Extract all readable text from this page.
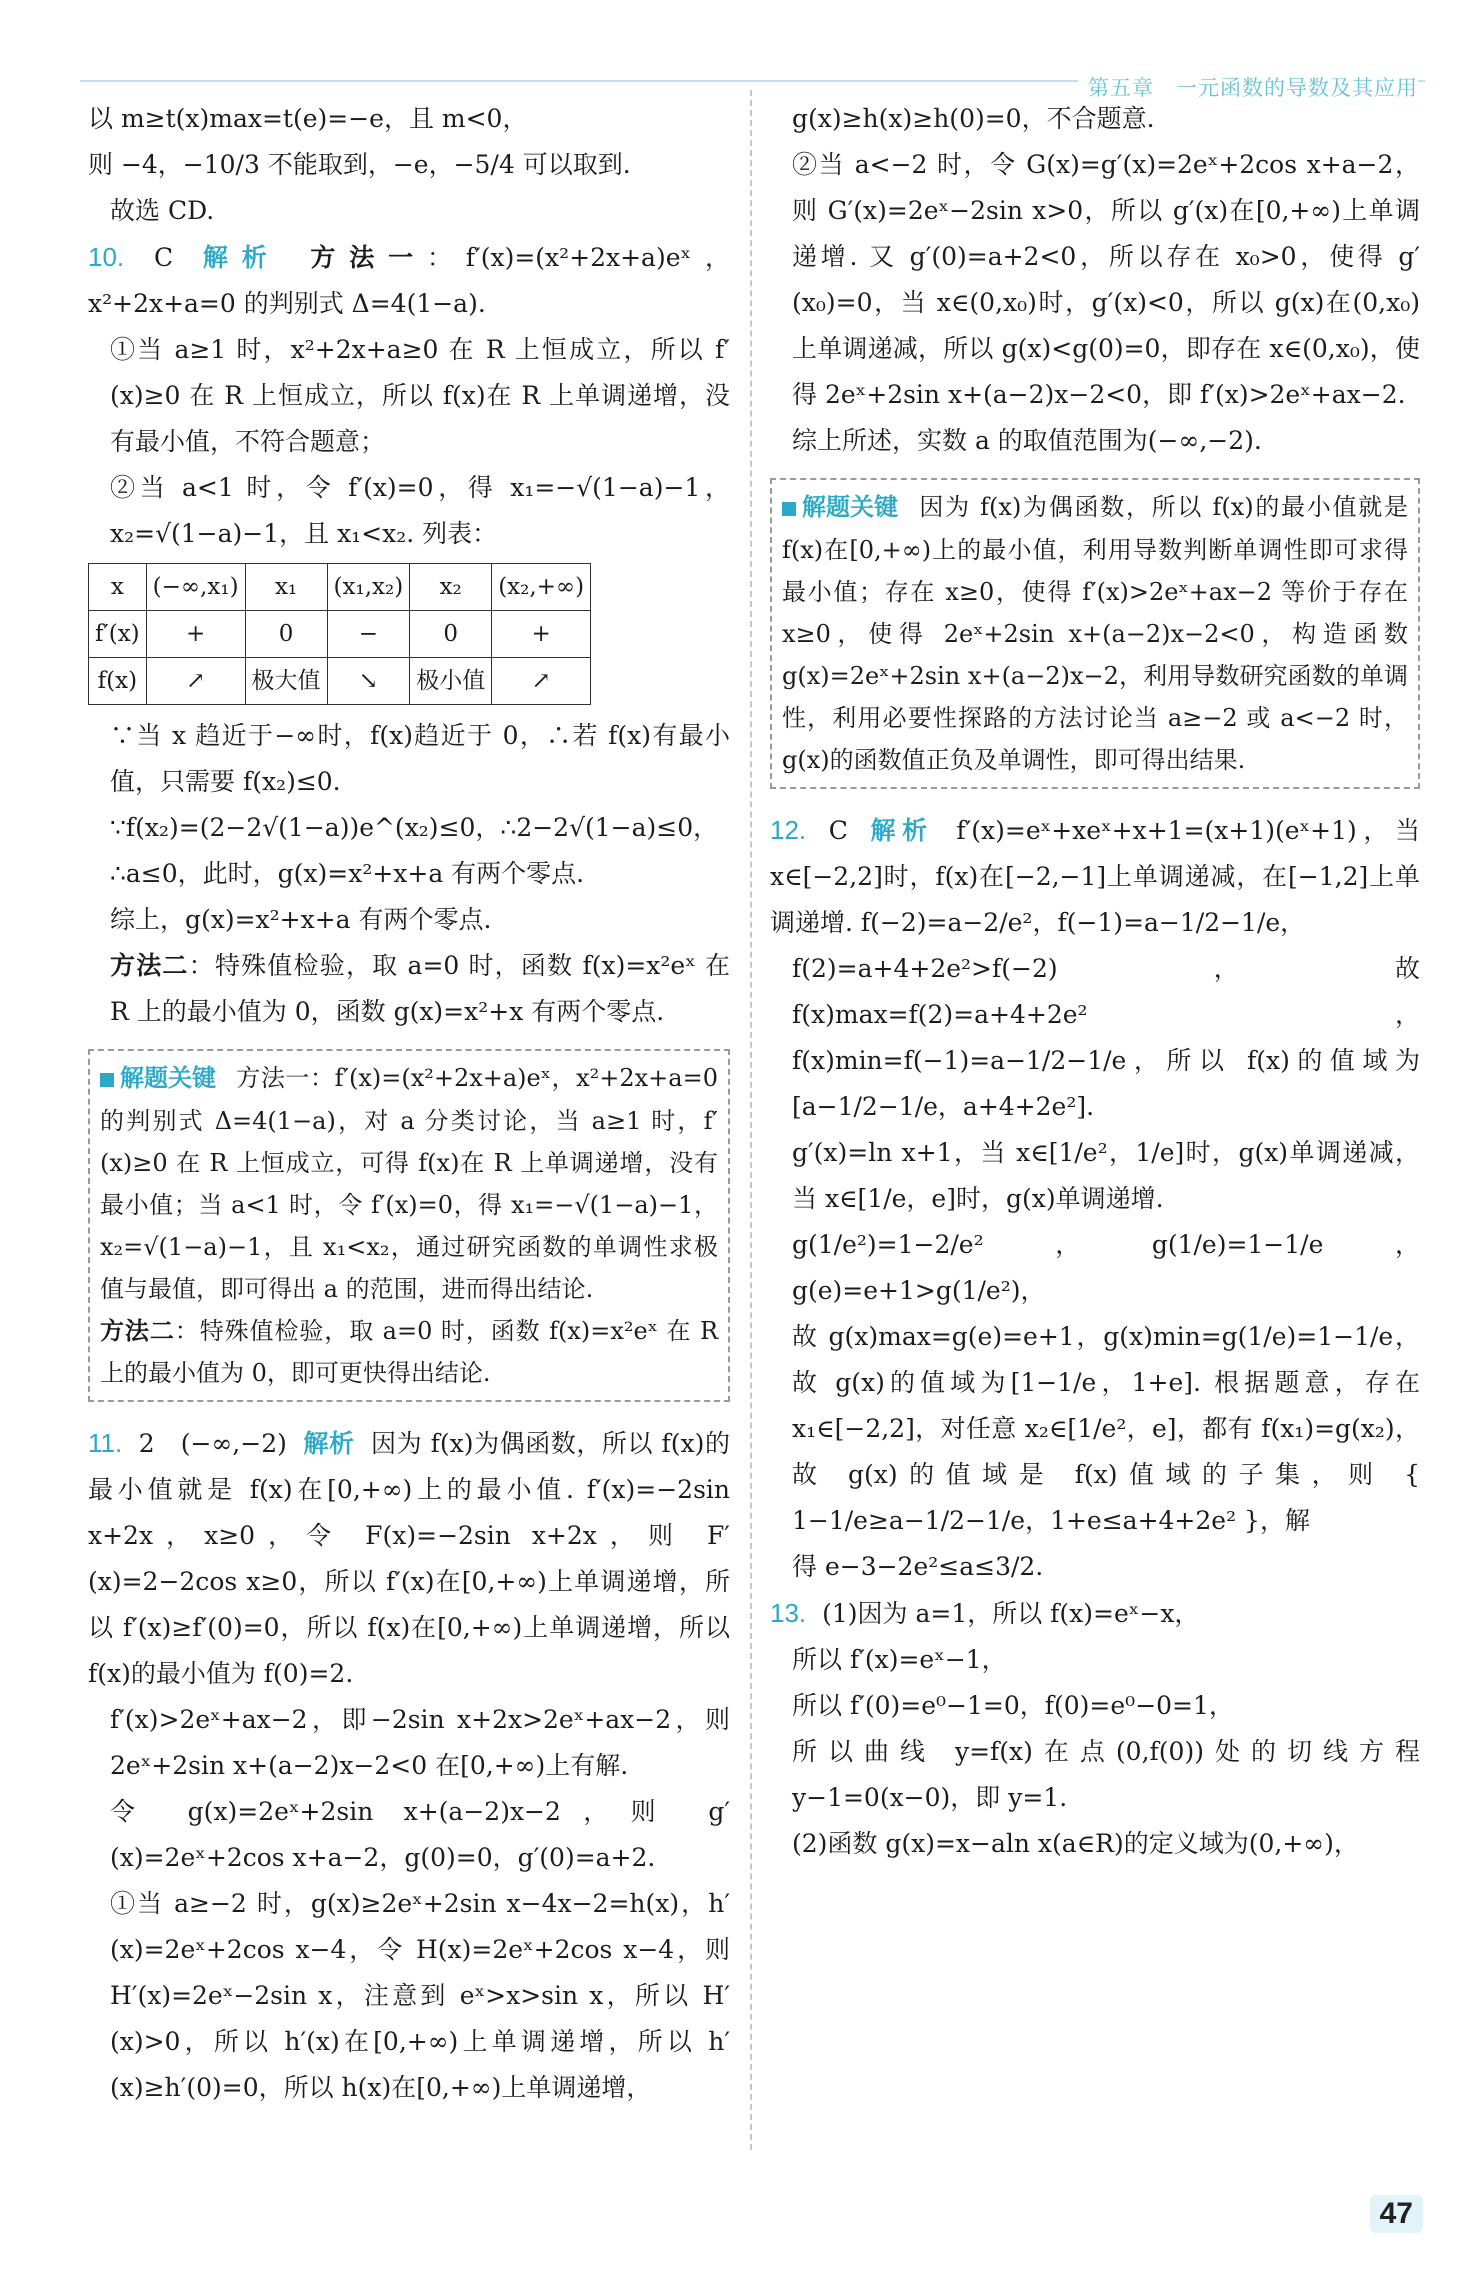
第五章　一元函数的导数及其应用

以 m≥t(x)max=t(e)=−e，且 m<0，

则 −4，−10/3 不能取到，−e，−5/4 可以取到.

故选 CD.

10. C 解析 方法一：f′(x)=(x²+2x+a)eˣ，x²+2x+a=0 的判别式 Δ=4(1−a).

①当 a≥1 时，x²+2x+a≥0 在 R 上恒成立，所以 f′(x)≥0 在 R 上恒成立，所以 f(x)在 R 上单调递增，没有最小值，不符合题意；

②当 a<1 时，令 f′(x)=0，得 x₁=−√(1−a)−1，x₂=√(1−a)−1，且 x₁<x₂. 列表：

x	(−∞,x₁)	x₁	(x₁,x₂)	x₂	(x₂,+∞)
f′(x)	+	0	−	0	+
f(x)	↗	极大值	↘	极小值	↗

∵当 x 趋近于−∞时，f(x)趋近于 0，∴若 f(x)有最小值，只需要 f(x₂)≤0.

∵f(x₂)=(2−2√(1−a))e^(x₂)≤0，∴2−2√(1−a)≤0，

∴a≤0，此时，g(x)=x²+x+a 有两个零点.

综上，g(x)=x²+x+a 有两个零点.

方法二：特殊值检验，取 a=0 时，函数 f(x)=x²eˣ 在 R 上的最小值为 0，函数 g(x)=x²+x 有两个零点.

解题关键 方法一：f′(x)=(x²+2x+a)eˣ，x²+2x+a=0 的判别式 Δ=4(1−a)，对 a 分类讨论，当 a≥1 时，f′(x)≥0 在 R 上恒成立，可得 f(x)在 R 上单调递增，没有最小值；当 a<1 时，令 f′(x)=0，得 x₁=−√(1−a)−1，x₂=√(1−a)−1，且 x₁<x₂，通过研究函数的单调性求极值与最值，即可得出 a 的范围，进而得出结论.

方法二：特殊值检验，取 a=0 时，函数 f(x)=x²eˣ 在 R 上的最小值为 0，即可更快得出结论.

11. 2　(−∞,−2) 解析 因为 f(x)为偶函数，所以 f(x)的最小值就是 f(x)在[0,+∞)上的最小值. f′(x)=−2sin x+2x，x≥0，令 F(x)=−2sin x+2x，则 F′(x)=2−2cos x≥0，所以 f′(x)在[0,+∞)上单调递增，所以 f′(x)≥f′(0)=0，所以 f(x)在[0,+∞)上单调递增，所以 f(x)的最小值为 f(0)=2.

f′(x)>2eˣ+ax−2，即−2sin x+2x>2eˣ+ax−2，则 2eˣ+2sin x+(a−2)x−2<0 在[0,+∞)上有解.

令 g(x)=2eˣ+2sin x+(a−2)x−2，则 g′(x)=2eˣ+2cos x+a−2，g(0)=0，g′(0)=a+2.

①当 a≥−2 时，g(x)≥2eˣ+2sin x−4x−2=h(x)，h′(x)=2eˣ+2cos x−4，令 H(x)=2eˣ+2cos x−4，则 H′(x)=2eˣ−2sin x，注意到 eˣ>x>sin x，所以 H′(x)>0，所以 h′(x)在[0,+∞)上单调递增，所以 h′(x)≥h′(0)=0，所以 h(x)在[0,+∞)上单调递增，

g(x)≥h(x)≥h(0)=0，不合题意.

②当 a<−2 时，令 G(x)=g′(x)=2eˣ+2cos x+a−2，则 G′(x)=2eˣ−2sin x>0，所以 g′(x)在[0,+∞)上单调递增. 又 g′(0)=a+2<0，所以存在 x₀>0，使得 g′(x₀)=0，当 x∈(0,x₀)时，g′(x)<0，所以 g(x)在(0,x₀)上单调递减，所以 g(x)<g(0)=0，即存在 x∈(0,x₀)，使得 2eˣ+2sin x+(a−2)x−2<0，即 f′(x)>2eˣ+ax−2.

综上所述，实数 a 的取值范围为(−∞,−2).

解题关键 因为 f(x)为偶函数，所以 f(x)的最小值就是 f(x)在[0,+∞)上的最小值，利用导数判断单调性即可求得最小值；存在 x≥0，使得 f′(x)>2eˣ+ax−2 等价于存在 x≥0，使得 2eˣ+2sin x+(a−2)x−2<0，构造函数 g(x)=2eˣ+2sin x+(a−2)x−2，利用导数研究函数的单调性，利用必要性探路的方法讨论当 a≥−2 或 a<−2 时，g(x)的函数值正负及单调性，即可得出结果.

12. C 解析 f′(x)=eˣ+xeˣ+x+1=(x+1)(eˣ+1)，当 x∈[−2,2]时，f(x)在[−2,−1]上单调递减，在[−1,2]上单调递增. f(−2)=a−2/e²，f(−1)=a−1/2−1/e，

f(2)=a+4+2e²>f(−2)，故 f(x)max=f(2)=a+4+2e²，f(x)min=f(−1)=a−1/2−1/e，所以 f(x)的值域为[a−1/2−1/e，a+4+2e²].

g′(x)=ln x+1，当 x∈[1/e²，1/e]时，g(x)单调递减，当 x∈[1/e，e]时，g(x)单调递增.

g(1/e²)=1−2/e²，g(1/e)=1−1/e，g(e)=e+1>g(1/e²)，

故 g(x)max=g(e)=e+1，g(x)min=g(1/e)=1−1/e，故 g(x)的值域为[1−1/e，1+e]. 根据题意，存在 x₁∈[−2,2]，对任意 x₂∈[1/e²，e]，都有 f(x₁)=g(x₂)，故 g(x)的值域是 f(x)值域的子集，则 { 1−1/e≥a−1/2−1/e，1+e≤a+4+2e² }，解

得 e−3−2e²≤a≤3/2.

13. (1)因为 a=1，所以 f(x)=eˣ−x，

所以 f′(x)=eˣ−1，

所以 f′(0)=e⁰−1=0，f(0)=e⁰−0=1，

所以曲线 y=f(x)在点(0,f(0))处的切线方程 y−1=0(x−0)，即 y=1.

(2)函数 g(x)=x−aln x(a∈R)的定义域为(0,+∞)，

47
